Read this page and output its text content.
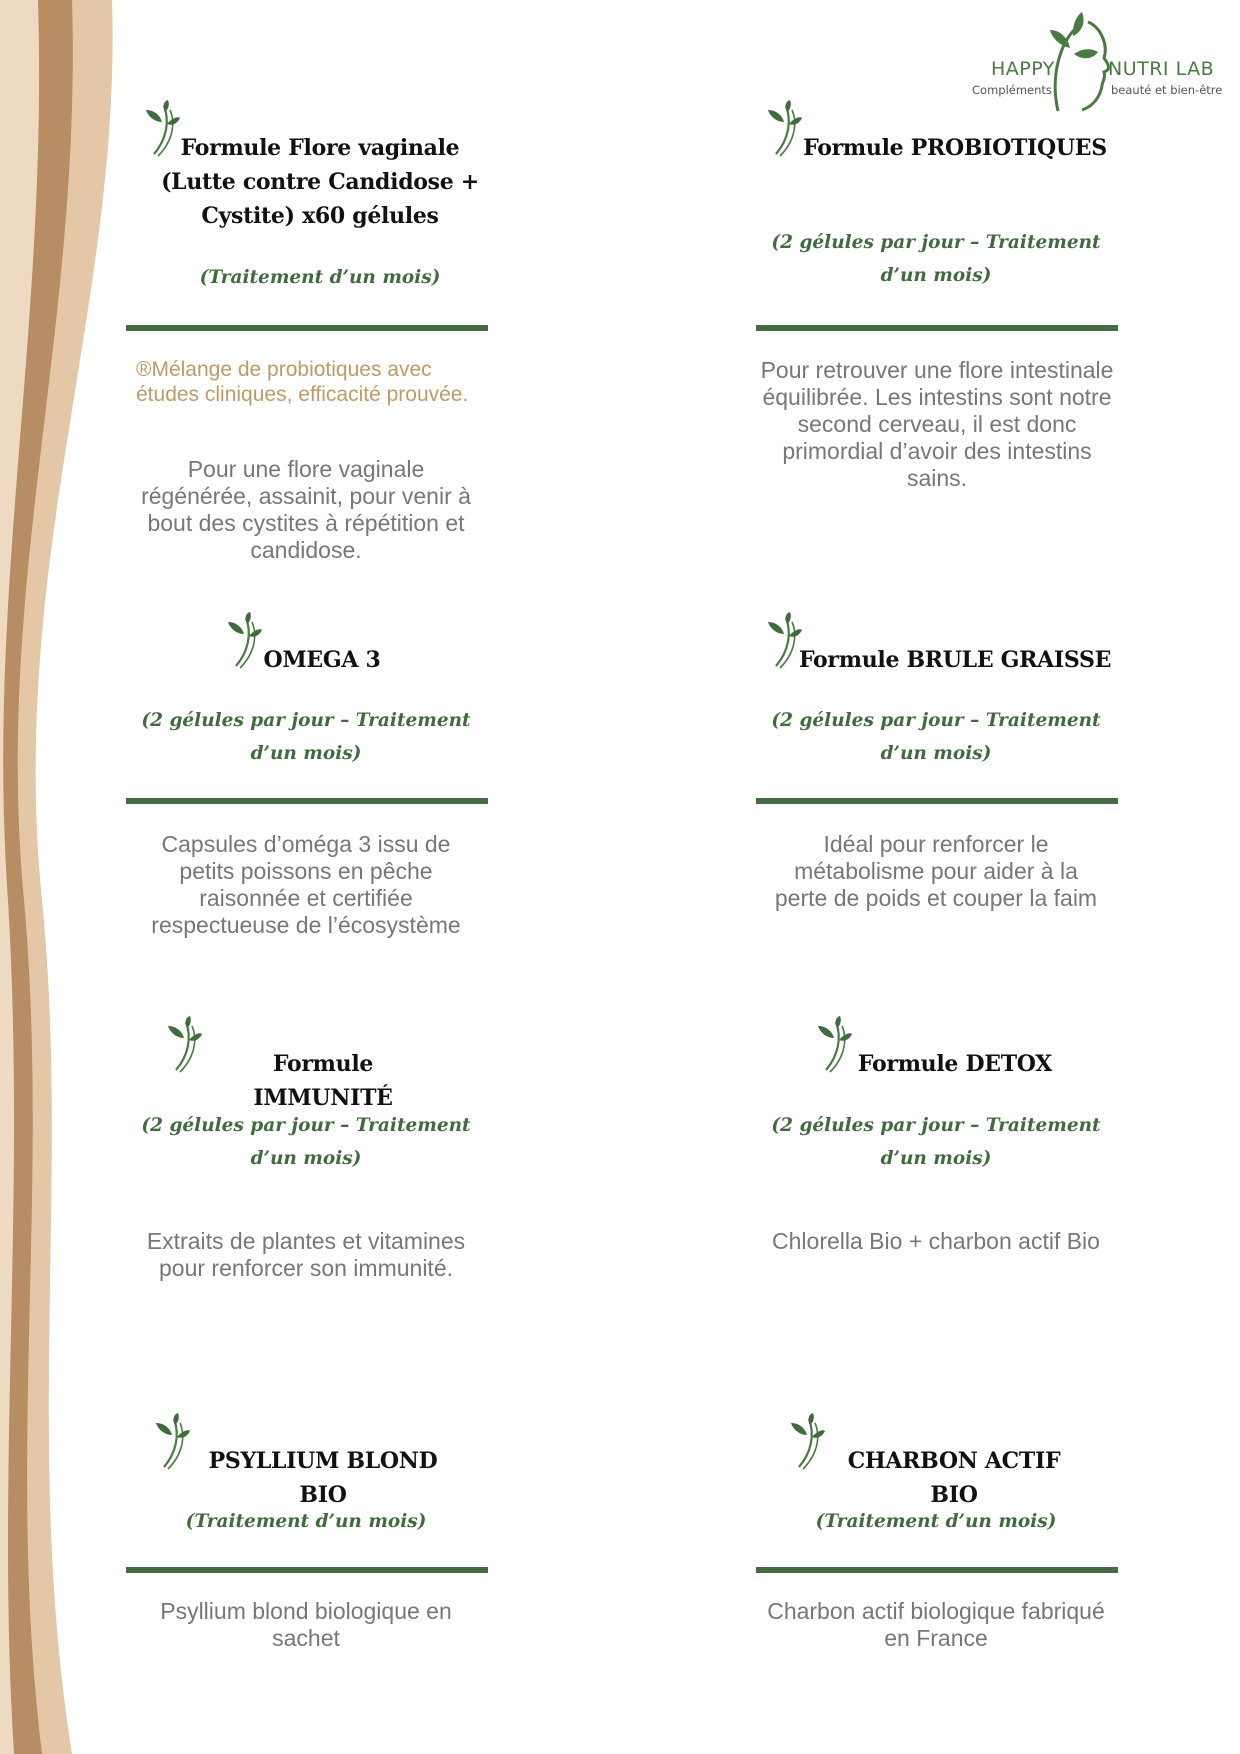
HAPPY	NUTRI LAB
Compléments	beauté et bien-être
Formule Flore vaginale (Lutte contre Candidose + Cystite) x60 gélules

(Traitement d’un mois)

®Mélange de probiotiques avec études cliniques, efficacité prouvée.

Pour une flore vaginale régénérée, assainit, pour venir à bout des cystites à répétition et candidose.

Formule PROBIOTIQUES

(2 gélules par jour – Traitement d’un mois)

Pour retrouver une flore intestinale équilibrée. Les intestins sont notre second cerveau, il est donc primordial d’avoir des intestins sains.

OMEGA 3

(2 gélules par jour – Traitement d’un mois)

Capsules d’oméga 3 issu de petits poissons en pêche raisonnée et certifiée respectueuse de l’écosystème

Formule BRULE GRAISSE

(2 gélules par jour – Traitement d’un mois)

Idéal pour renforcer le métabolisme pour aider à la perte de poids et couper la faim

Formule IMMUNITÉ

(2 gélules par jour – Traitement d’un mois)

Extraits de plantes et vitamines pour renforcer son immunité.

Formule DETOX

(2 gélules par jour – Traitement d’un mois)

Chlorella Bio + charbon actif Bio

PSYLLIUM BLOND BIO

(Traitement d’un mois)

Psyllium blond biologique en sachet

CHARBON ACTIF BIO

(Traitement d’un mois)

Charbon actif biologique fabriqué en France
